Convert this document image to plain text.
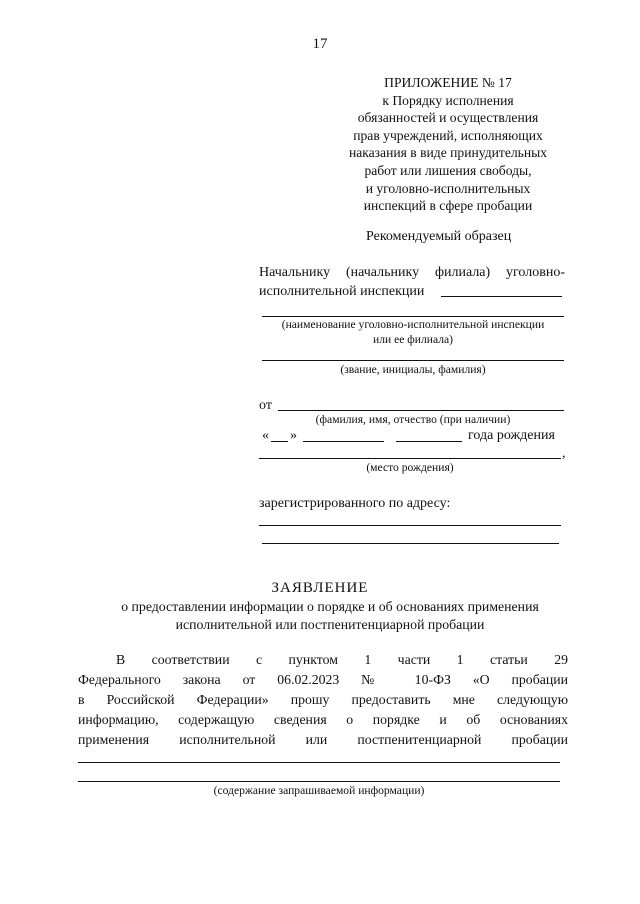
17
ПРИЛОЖЕНИЕ № 17
к Порядку исполнения
обязанностей и осуществления
прав учреждений, исполняющих
наказания в виде принудительных
работ или лишения свободы,
и уголовно-исполнительных
инспекций в сфере пробации
Рекомендуемый образец
Начальнику (начальнику филиала) уголовно-
исполнительной инспекции
(наименование уголовно-исполнительной инспекции
или ее филиала)
(звание, инициалы, фамилия)
от
(фамилия, имя, отчество (при наличии)
« »	года рождения
,
(место рождения)
зарегистрированного по адресу:
ЗАЯВЛЕНИЕ
о предоставлении информации о порядке и об основаниях применения
исполнительной или постпенитенциарной пробации
В соответствии с пунктом 1 части 1 статьи 29
Федерального закона от 06.02.2023 № 10-ФЗ «О пробации
в Российской Федерации» прошу предоставить мне следующую
информацию, содержащую сведения о порядке и об основаниях
применения исполнительной или постпенитенциарной пробации
(содержание запрашиваемой информации)
